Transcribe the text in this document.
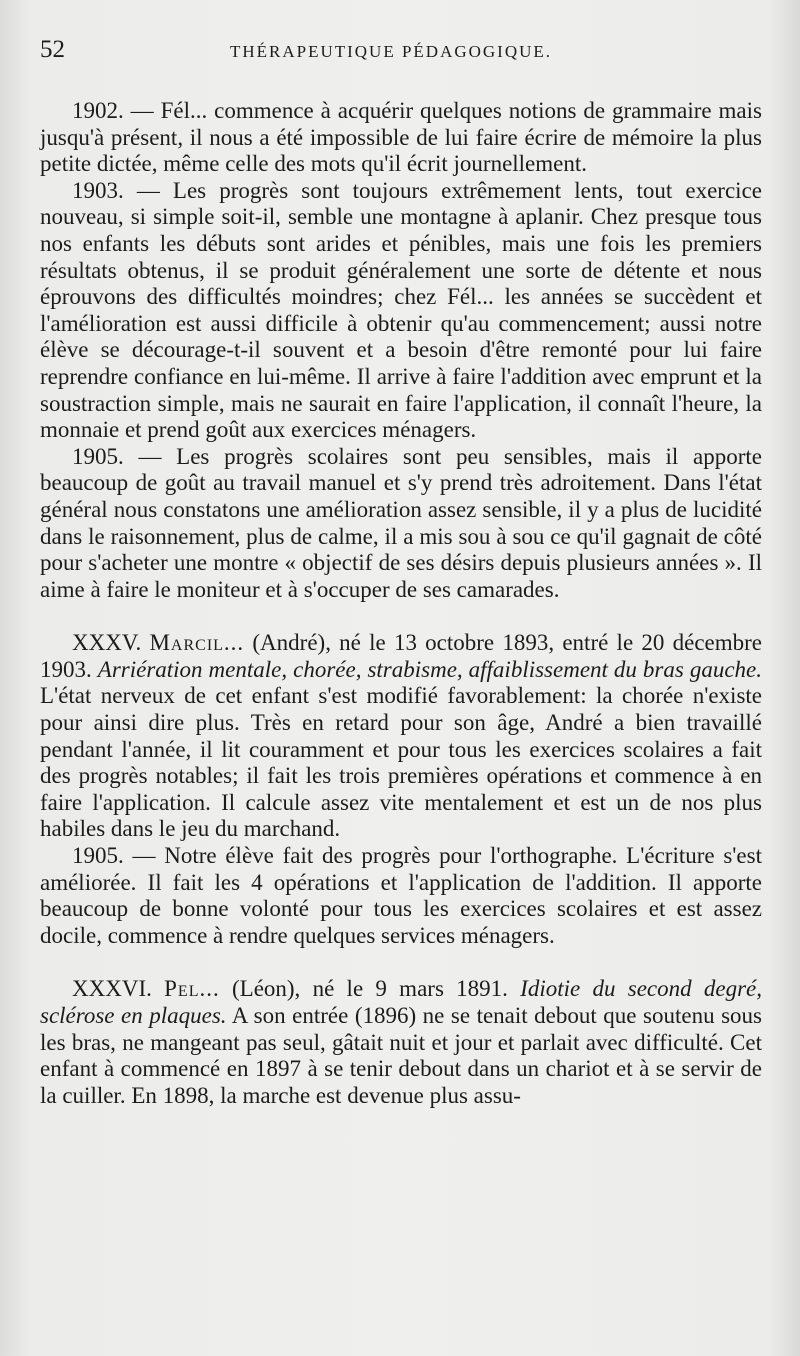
52	THÉRAPEUTIQUE PÉDAGOGIQUE.

1902. — Fél... commence à acquérir quelques notions de grammaire mais jusqu'à présent, il nous a été impossible de lui faire écrire de mémoire la plus petite dictée, même celle des mots qu'il écrit journellement.

1903. — Les progrès sont toujours extrêmement lents, tout exercice nouveau, si simple soit-il, semble une montagne à aplanir. Chez presque tous nos enfants les débuts sont arides et pénibles, mais une fois les premiers résultats obtenus, il se produit généralement une sorte de détente et nous éprouvons des difficultés moindres; chez Fél... les années se succèdent et l'amélioration est aussi difficile à obtenir qu'au commencement; aussi notre élève se décourage-t-il souvent et a besoin d'être remonté pour lui faire reprendre confiance en lui-même. Il arrive à faire l'addition avec emprunt et la soustraction simple, mais ne saurait en faire l'application, il connaît l'heure, la monnaie et prend goût aux exercices ménagers.

1905. — Les progrès scolaires sont peu sensibles, mais il apporte beaucoup de goût au travail manuel et s'y prend très adroitement. Dans l'état général nous constatons une amélioration assez sensible, il y a plus de lucidité dans le raisonnement, plus de calme, il a mis sou à sou ce qu'il gagnait de côté pour s'acheter une montre « objectif de ses désirs depuis plusieurs années ». Il aime à faire le moniteur et à s'occuper de ses camarades.

XXXV. Marcil... (André), né le 13 octobre 1893, entré le 20 décembre 1903. Arriération mentale, chorée, strabisme, affaiblissement du bras gauche. L'état nerveux de cet enfant s'est modifié favorablement: la chorée n'existe pour ainsi dire plus. Très en retard pour son âge, André a bien travaillé pendant l'année, il lit couramment et pour tous les exercices scolaires a fait des progrès notables; il fait les trois premières opérations et commence à en faire l'application. Il calcule assez vite mentalement et est un de nos plus habiles dans le jeu du marchand.

1905. — Notre élève fait des progrès pour l'orthographe. L'écriture s'est améliorée. Il fait les 4 opérations et l'application de l'addition. Il apporte beaucoup de bonne volonté pour tous les exercices scolaires et est assez docile, commence à rendre quelques services ménagers.

XXXVI. Pel... (Léon), né le 9 mars 1891. Idiotie du second degré, sclérose en plaques. A son entrée (1896) ne se tenait debout que soutenu sous les bras, ne mangeant pas seul, gâtait nuit et jour et parlait avec difficulté. Cet enfant à commencé en 1897 à se tenir debout dans un chariot et à se servir de la cuiller. En 1898, la marche est devenue plus assu-
